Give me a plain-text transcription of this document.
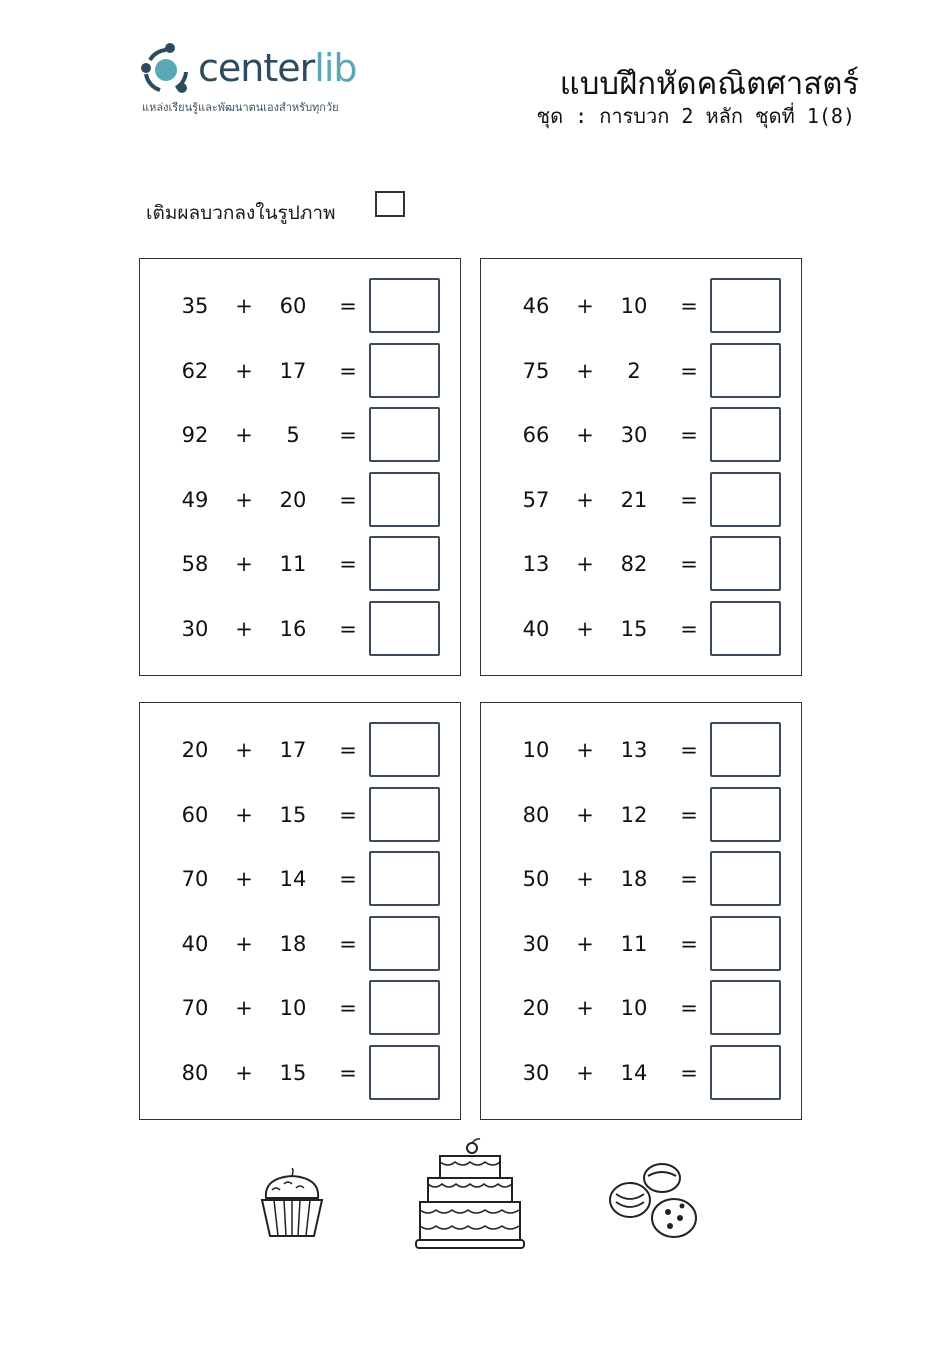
centerlib
แหล่งเรียนรู้และพัฒนาตนเองสำหรับทุกวัย
แบบฝึกหัดคณิตศาสตร์
ชุด : การบวก 2 หลัก ชุดที่ 1(8)
เติมผลบวกลงในรูปภาพ
35	+	60	=
62	+	17	=
92	+	5	=
49	+	20	=
58	+	11	=
30	+	16	=
46	+	10	=
75	+	2	=
66	+	30	=
57	+	21	=
13	+	82	=
40	+	15	=
20	+	17	=
60	+	15	=
70	+	14	=
40	+	18	=
70	+	10	=
80	+	15	=
10	+	13	=
80	+	12	=
50	+	18	=
30	+	11	=
20	+	10	=
30	+	14	=
